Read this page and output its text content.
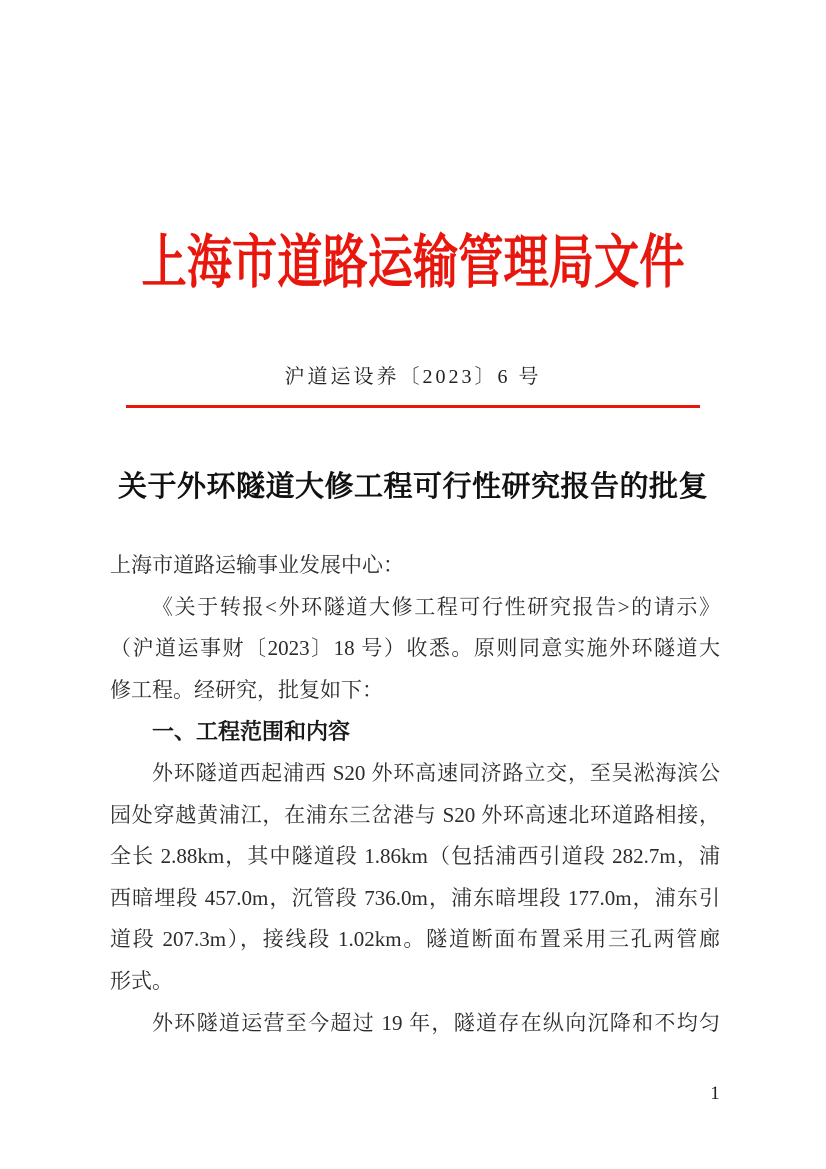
上海市道路运输管理局文件
沪道运设养〔2023〕6 号
关于外环隧道大修工程可行性研究报告的批复
上海市道路运输事业发展中心：
《关于转报<外环隧道大修工程可行性研究报告>的请示》
（沪道运事财〔2023〕18 号）收悉。原则同意实施外环隧道大
修工程。经研究，批复如下：
一、工程范围和内容
外环隧道西起浦西 S20 外环高速同济路立交，至吴淞海滨公
园处穿越黄浦江，在浦东三岔港与 S20 外环高速北环道路相接，
全长 2.88km，其中隧道段 1.86km（包括浦西引道段 282.7m，浦
西暗埋段 457.0m，沉管段 736.0m，浦东暗埋段 177.0m，浦东引
道段 207.3m），接线段 1.02km。隧道断面布置采用三孔两管廊
形式。
外环隧道运营至今超过 19 年，隧道存在纵向沉降和不均匀
1
